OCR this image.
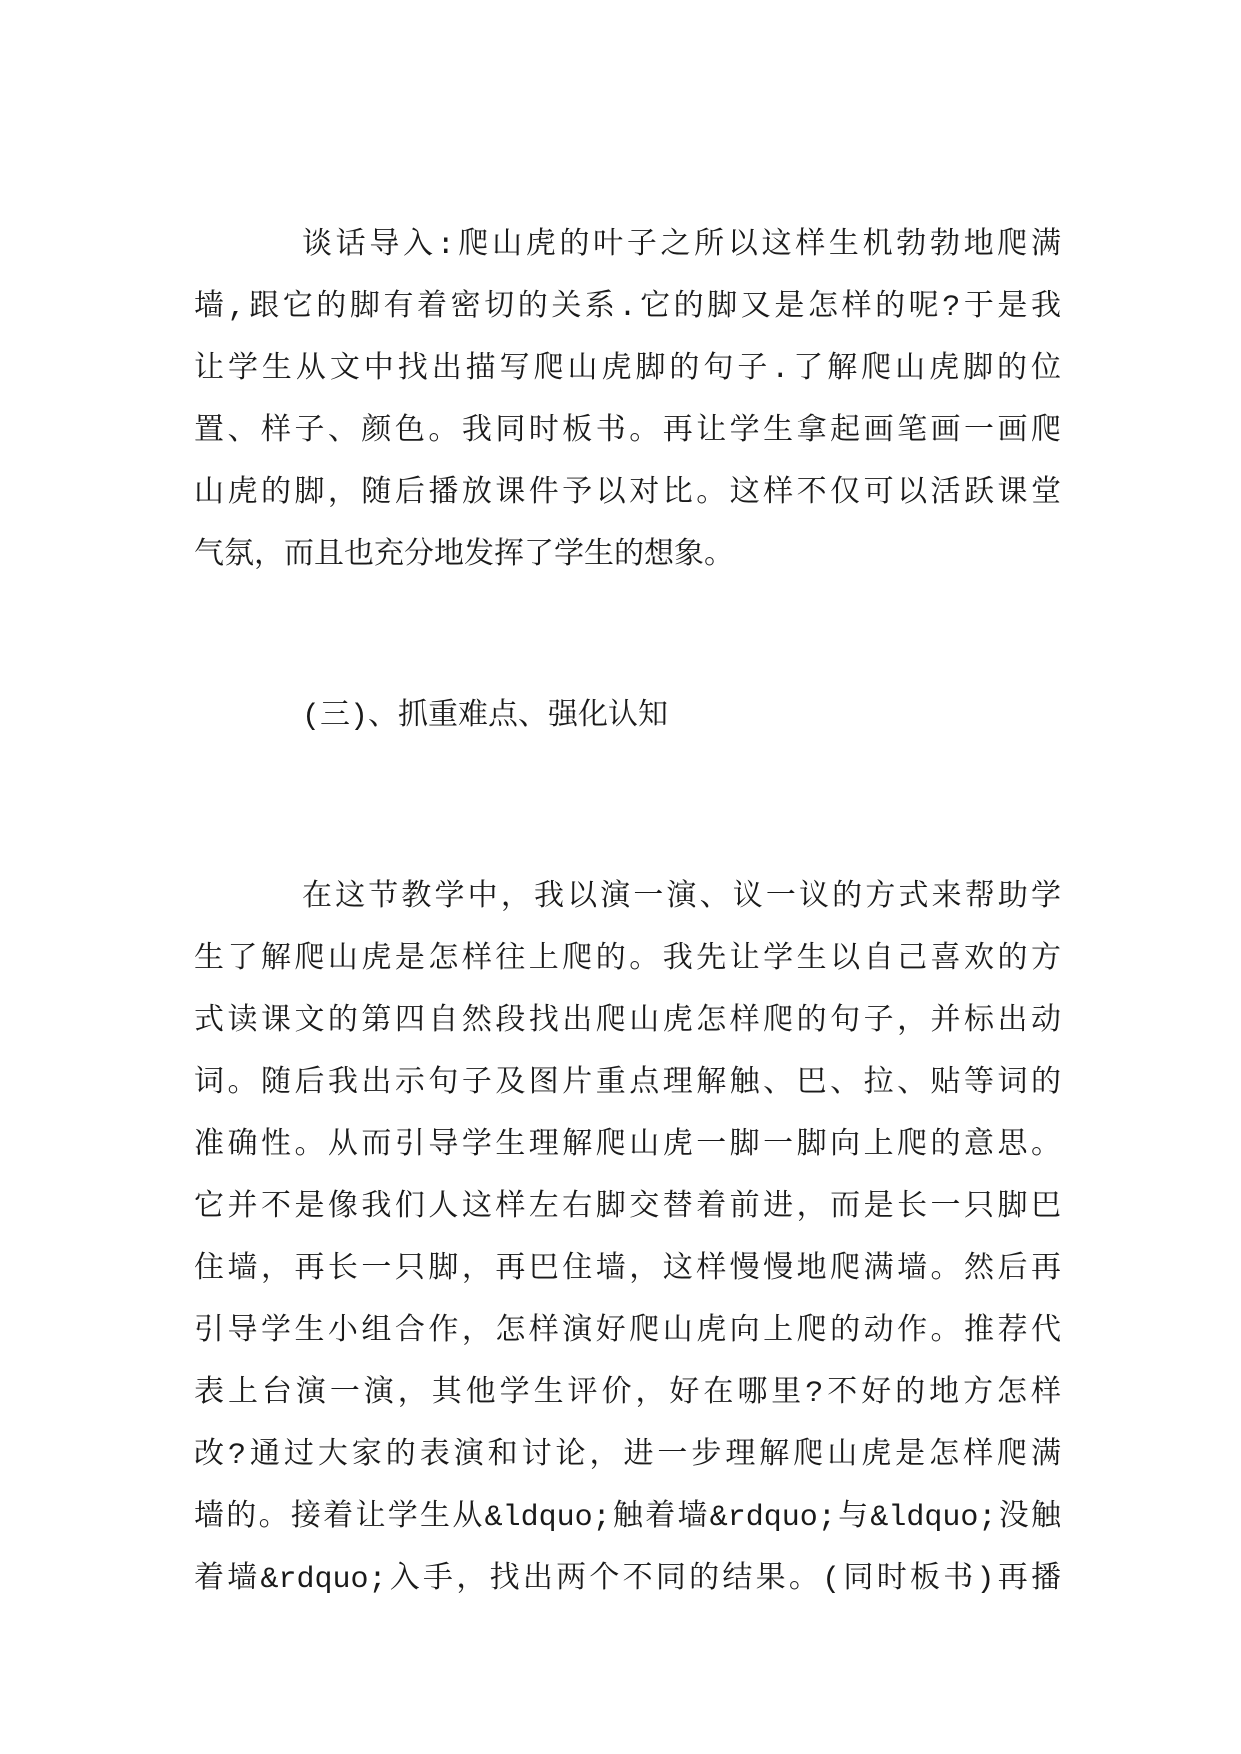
谈话导入:爬山虎的叶子之所以这样生机勃勃地爬满
墙,跟它的脚有着密切的关系.它的脚又是怎样的呢?于是我
让学生从文中找出描写爬山虎脚的句子.了解爬山虎脚的位
置、样子、颜色。我同时板书。再让学生拿起画笔画一画爬
山虎的脚，随后播放课件予以对比。这样不仅可以活跃课堂
气氛，而且也充分地发挥了学生的想象。
(三)、抓重难点、强化认知
在这节教学中，我以演一演、议一议的方式来帮助学
生了解爬山虎是怎样往上爬的。我先让学生以自己喜欢的方
式读课文的第四自然段找出爬山虎怎样爬的句子，并标出动
词。随后我出示句子及图片重点理解触、巴、拉、贴等词的
准确性。从而引导学生理解爬山虎一脚一脚向上爬的意思。
它并不是像我们人这样左右脚交替着前进，而是长一只脚巴
住墙，再长一只脚，再巴住墙，这样慢慢地爬满墙。然后再
引导学生小组合作，怎样演好爬山虎向上爬的动作。推荐代
表上台演一演，其他学生评价，好在哪里?不好的地方怎样
改?通过大家的表演和讨论，进一步理解爬山虎是怎样爬满
墙的。接着让学生从&ldquo;触着墙&rdquo;与&ldquo;没触
着墙&rdquo;入手，找出两个不同的结果。(同时板书)再播
